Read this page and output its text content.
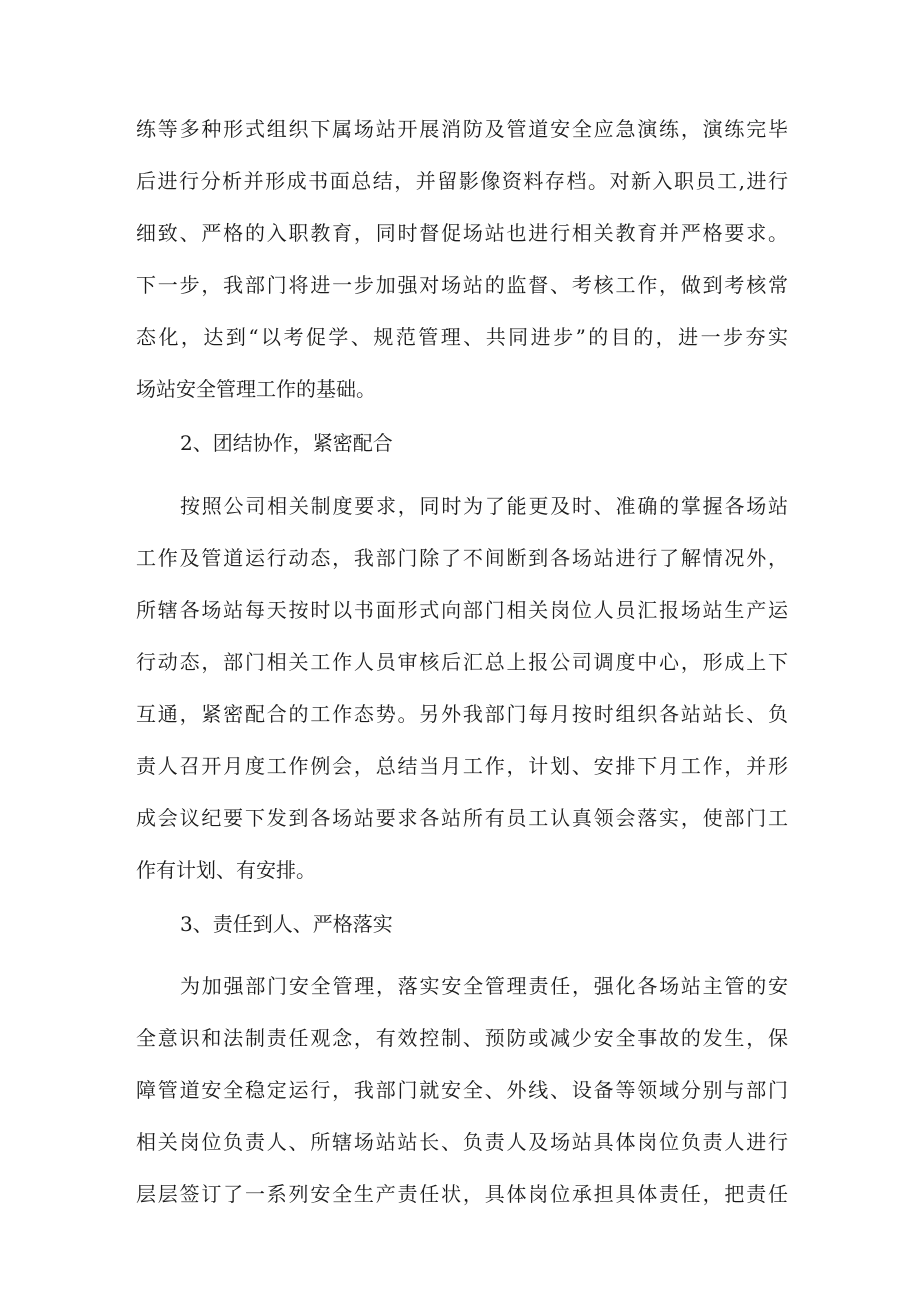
练等多种形式组织下属场站开展消防及管道安全应急演练，演练完毕
后进行分析并形成书面总结，并留影像资料存档。对新入职员工,进行
细致、严格的入职教育，同时督促场站也进行相关教育并严格要求。
下一步，我部门将进一步加强对场站的监督、考核工作，做到考核常
态化，达到“以考促学、规范管理、共同进步”的目的，进一步夯实
场站安全管理工作的基础。
2、团结协作，紧密配合
按照公司相关制度要求，同时为了能更及时、准确的掌握各场站
工作及管道运行动态，我部门除了不间断到各场站进行了解情况外，
所辖各场站每天按时以书面形式向部门相关岗位人员汇报场站生产运
行动态，部门相关工作人员审核后汇总上报公司调度中心，形成上下
互通，紧密配合的工作态势。另外我部门每月按时组织各站站长、负
责人召开月度工作例会，总结当月工作，计划、安排下月工作，并形
成会议纪要下发到各场站要求各站所有员工认真领会落实，使部门工
作有计划、有安排。
3、责任到人、严格落实
为加强部门安全管理，落实安全管理责任，强化各场站主管的安
全意识和法制责任观念，有效控制、预防或减少安全事故的发生，保
障管道安全稳定运行，我部门就安全、外线、设备等领域分别与部门
相关岗位负责人、所辖场站站长、负责人及场站具体岗位负责人进行
层层签订了一系列安全生产责任状，具体岗位承担具体责任，把责任
